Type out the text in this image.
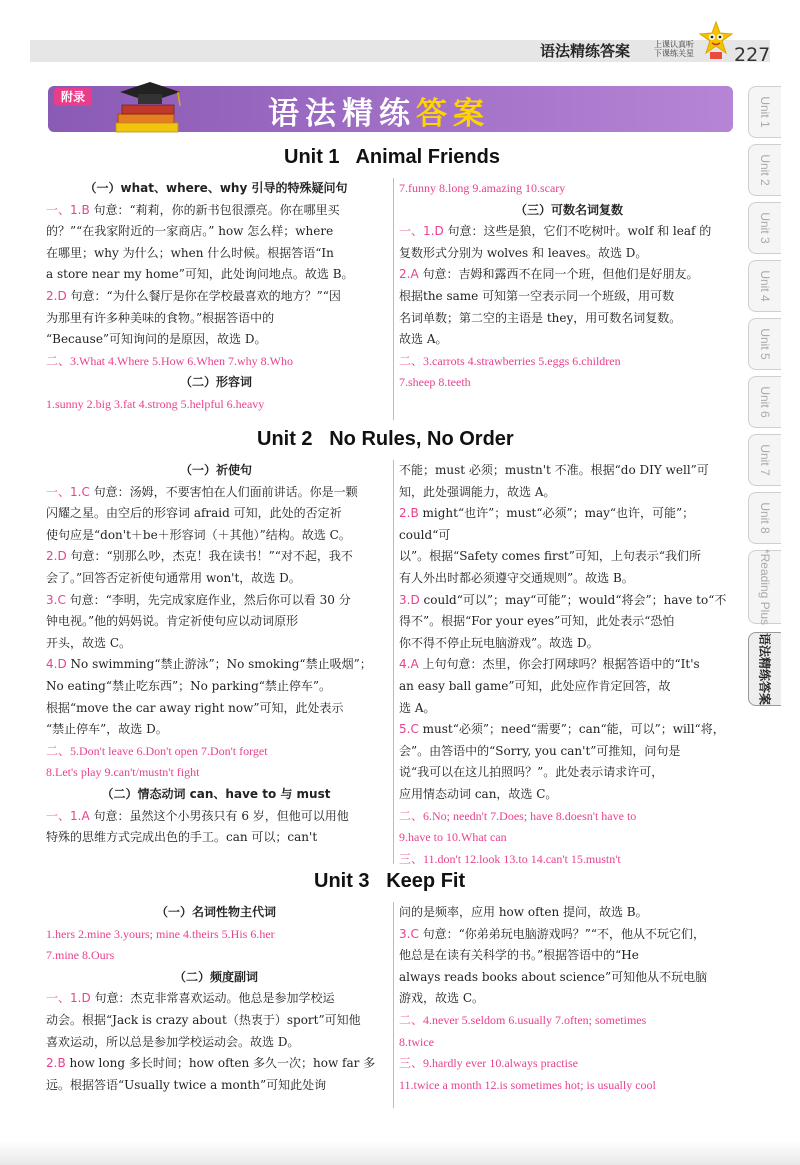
语法精练答案	上课认真听 下课练关星 227
附录	语法精练答案
Unit 1   Animal Friends

（一）what、where、why 引导的特殊疑问句

一、1.B 句意：“莉莉，你的新书包很漂亮。你在哪里买

的？”“在我家附近的一家商店。” how 怎么样；where

在哪里；why 为什么；when 什么时候。根据答语“In

a store near my home”可知，此处询问地点。故选 B。

2.D 句意：“为什么餐厅是你在学校最喜欢的地方？”“因

为那里有许多种美味的食物。”根据答语中的

“Because”可知询问的是原因，故选 D。

二、3.What 4.Where 5.How 6.When 7.why 8.Who

（二）形容词

1.sunny 2.big 3.fat 4.strong 5.helpful 6.heavy

7.funny 8.long 9.amazing 10.scary

（三）可数名词复数

一、1.D 句意：这些是狼，它们不吃树叶。wolf 和 leaf 的

复数形式分别为 wolves 和 leaves。故选 D。

2.A 句意：吉姆和露西不在同一个班，但他们是好朋友。

根据the same 可知第一空表示同一个班级，用可数

名词单数；第二空的主语是 they，用可数名词复数。

故选 A。

二、3.carrots 4.strawberries 5.eggs 6.children

7.sheep 8.teeth

Unit 2   No Rules, No Order

（一）祈使句

一、1.C 句意：汤姆，不要害怕在人们面前讲话。你是一颗

闪耀之星。由空后的形容词 afraid 可知，此处的否定祈

使句应是“don't＋be＋形容词（＋其他）”结构。故选 C。

2.D 句意：“别那么吵，杰克！我在读书！”“对不起，我不

会了。”回答否定祈使句通常用 won't，故选 D。

3.C 句意：“李明，先完成家庭作业，然后你可以看 30 分

钟电视。”他的妈妈说。肯定祈使句应以动词原形

开头，故选 C。

4.D No swimming“禁止游泳”；No smoking“禁止吸烟”；

No eating“禁止吃东西”；No parking“禁止停车”。

根据“move the car away right now”可知，此处表示

“禁止停车”，故选 D。

二、5.Don't leave 6.Don't open 7.Don't forget

8.Let's play 9.can't/mustn't fight

（二）情态动词 can、have to 与 must

一、1.A 句意：虽然这个小男孩只有 6 岁，但他可以用他

特殊的思维方式完成出色的手工。can 可以；can't

不能；must 必须；mustn't 不准。根据“do DIY well”可

知，此处强调能力，故选 A。

2.B might“也许”；must“必须”；may“也许，可能”；could“可

以”。根据“Safety comes first”可知，上句表示“我们所

有人外出时都必须遵守交通规则”。故选 B。

3.D could“可以”；may“可能”；would“将会”；have to“不

得不”。根据“For your eyes”可知，此处表示“恐怕

你不得不停止玩电脑游戏”。故选 D。

4.A 上句句意：杰里，你会打网球吗？根据答语中的“It's

an easy ball game”可知，此处应作肯定回答，故

选 A。

5.C must“必须”；need“需要”；can“能，可以”；will“将，

会”。由答语中的“Sorry, you can't”可推知，问句是

说“我可以在这儿拍照吗？”。此处表示请求许可，

应用情态动词 can，故选 C。

二、6.No; needn't 7.Does; have 8.doesn't have to

9.have to 10.What can

三、11.don't 12.look 13.to 14.can't 15.mustn't

Unit 3   Keep Fit

（一）名词性物主代词

1.hers 2.mine 3.yours; mine 4.theirs 5.His 6.her

7.mine 8.Ours

（二）频度副词

一、1.D 句意：杰克非常喜欢运动。他总是参加学校运

动会。根据“Jack is crazy about（热衷于）sport”可知他

喜欢运动，所以总是参加学校运动会。故选 D。

2.B how long 多长时间；how often 多久一次；how far 多

远。根据答语“Usually twice a month”可知此处询

问的是频率，应用 how often 提问，故选 B。

3.C 句意：“你弟弟玩电脑游戏吗？”“不，他从不玩它们，

他总是在读有关科学的书。”根据答语中的“He

always reads books about science”可知他从不玩电脑

游戏，故选 C。

二、4.never 5.seldom 6.usually 7.often; sometimes

8.twice

三、9.hardly ever 10.always practise

11.twice a month 12.is sometimes hot; is usually cool

Unit 1
Unit 2
Unit 3
Unit 4
Unit 5
Unit 6
Unit 7
Unit 8
*Reading Plus
语法精练答案
